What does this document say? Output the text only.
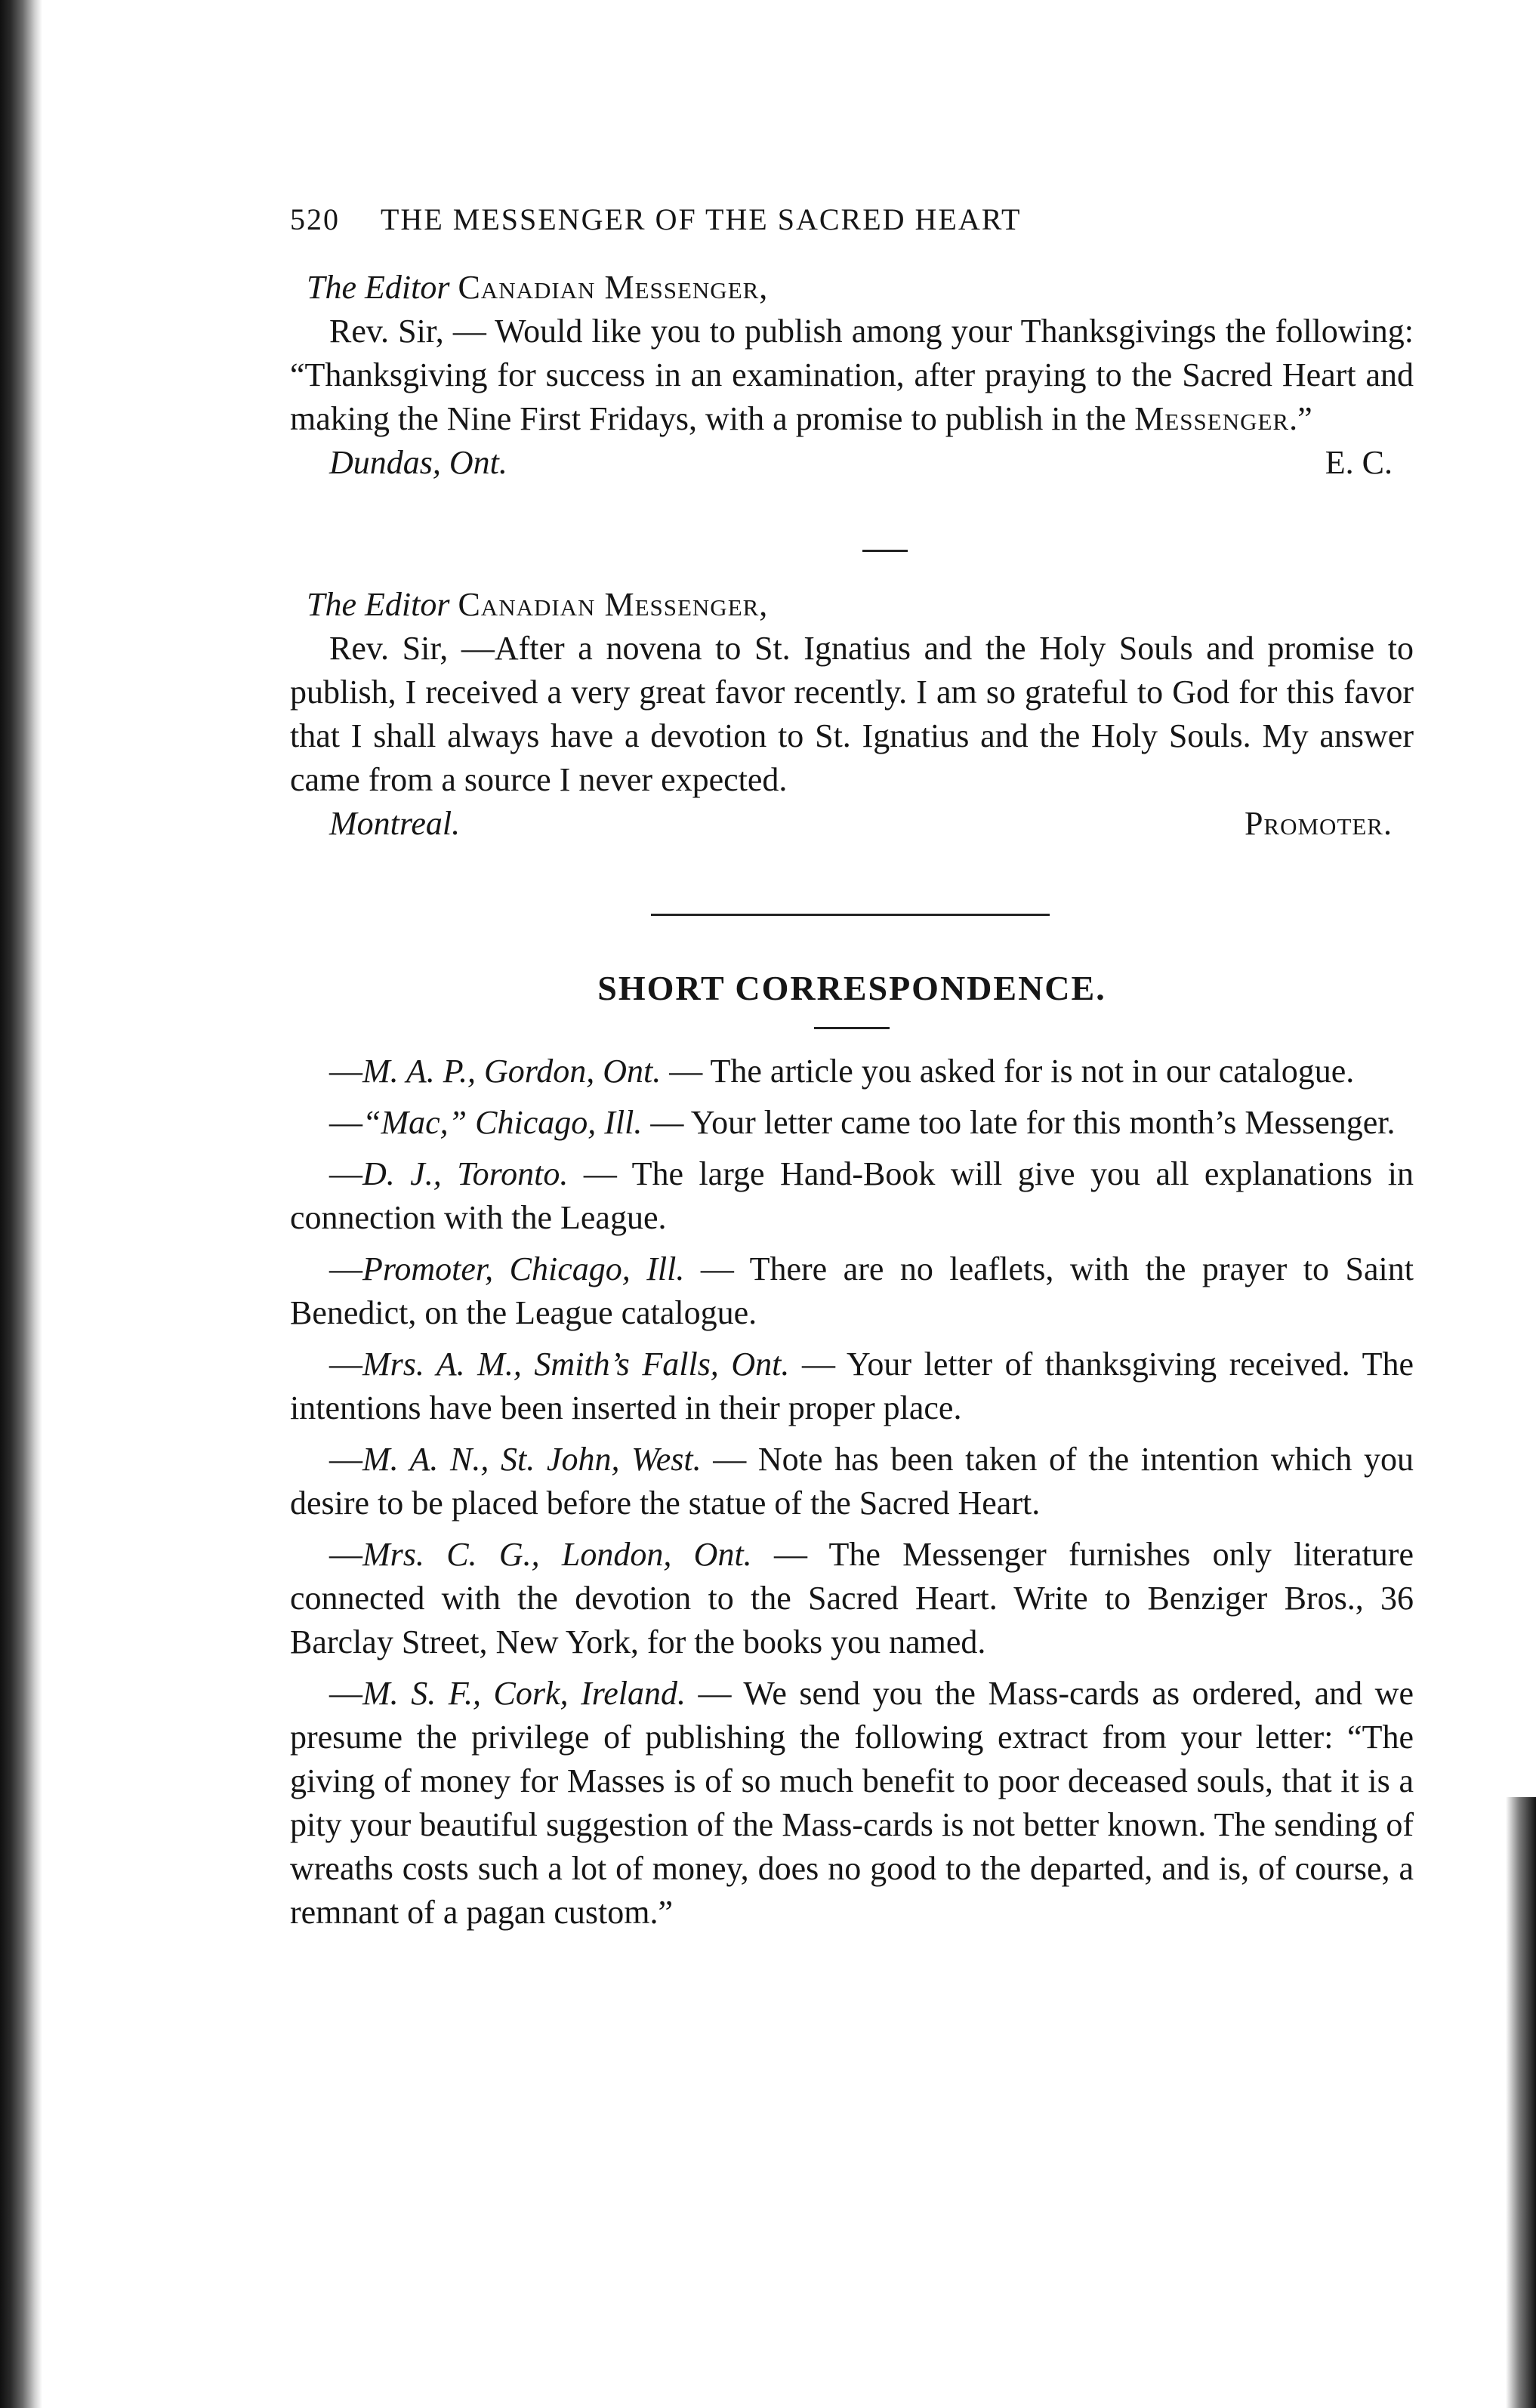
520	THE MESSENGER OF THE SACRED HEART
The Editor Canadian Messenger,

Rev. Sir, — Would like you to publish among your Thanksgivings the following: “Thanksgiving for success in an examination, after praying to the Sacred Heart and making the Nine First Fridays, with a promise to publish in the Messenger.”

Dundas, Ont.	E. C.
The Editor Canadian Messenger,

Rev. Sir, —After a novena to St. Ignatius and the Holy Souls and promise to publish, I received a very great favor recently. I am so grateful to God for this favor that I shall always have a devotion to St. Ignatius and the Holy Souls. My answer came from a source I never expected.

Montreal.	Promoter.
SHORT CORRESPONDENCE.

—M. A. P., Gordon, Ont. — The article you asked for is not in our catalogue.

—“Mac,” Chicago, Ill. — Your letter came too late for this month’s Messenger.

—D. J., Toronto. — The large Hand-Book will give you all explanations in connection with the League.

—Promoter, Chicago, Ill. — There are no leaflets, with the prayer to Saint Benedict, on the League catalogue.

—Mrs. A. M., Smith’s Falls, Ont. — Your letter of thanksgiving received. The intentions have been inserted in their proper place.

—M. A. N., St. John, West. — Note has been taken of the intention which you desire to be placed before the statue of the Sacred Heart.

—Mrs. C. G., London, Ont. — The Messenger furnishes only literature connected with the devotion to the Sacred Heart. Write to Benziger Bros., 36 Barclay Street, New York, for the books you named.

—M. S. F., Cork, Ireland. — We send you the Mass-cards as ordered, and we presume the privilege of publishing the following extract from your letter: “The giving of money for Masses is of so much benefit to poor deceased souls, that it is a pity your beautiful suggestion of the Mass-cards is not better known. The sending of wreaths costs such a lot of money, does no good to the departed, and is, of course, a remnant of a pagan custom.”
